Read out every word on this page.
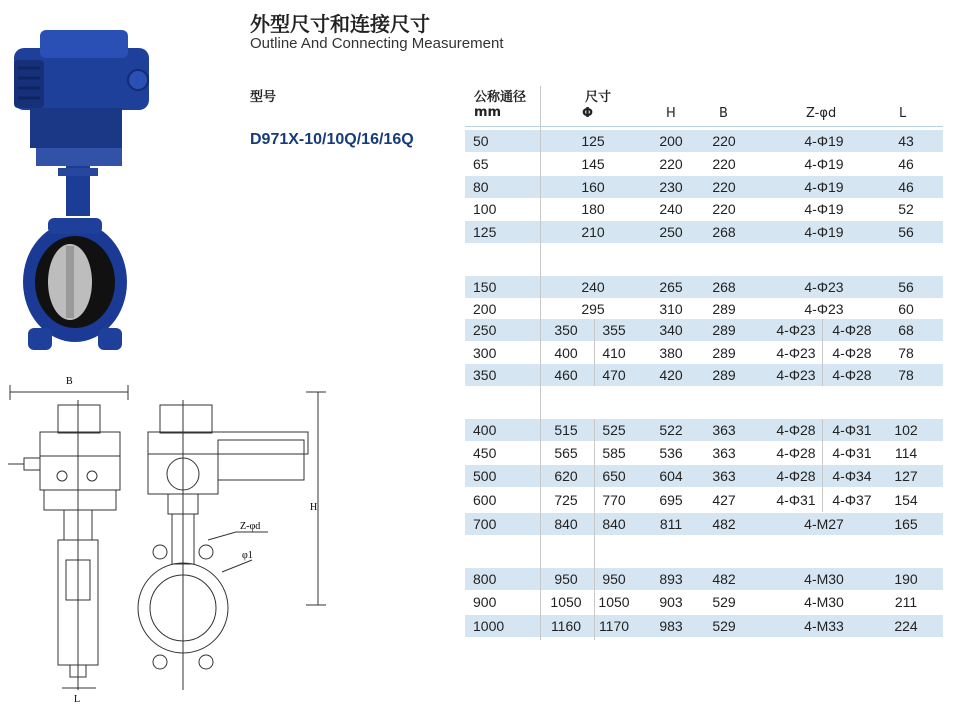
B
H
L
Z-φd
φ1
外型尺寸和连接尺寸
Outline And Connecting Measurement
型号	公称通径
mm
尺寸
Φ	H	B	Z-φd	L
D971X-10/10Q/16/16Q	50	125	200	220	4-Φ19	43
65	145	220	220	4-Φ19	46
80	160	230	220	4-Φ19	46
100	180	240	220	4-Φ19	52
125	210	250	268	4-Φ19	56
150	240	265	268	4-Φ23	56
200	295	310	289	4-Φ23	60
250	350	355	340	289	4-Φ23	4-Φ28	68
300	400	410	380	289	4-Φ23	4-Φ28	78
350	460	470	420	289	4-Φ23	4-Φ28	78
400	515	525	522	363	4-Φ28	4-Φ31	102
450	565	585	536	363	4-Φ28	4-Φ31	114
500	620	650	604	363	4-Φ28	4-Φ34	127
600	725	770	695	427	4-Φ31	4-Φ37	154
700	840	840	811	482	4-M27	165
800	950	950	893	482	4-M30	190
900	1050	1050	903	529	4-M30	211
1000	1160	1170	983	529	4-M33	224
